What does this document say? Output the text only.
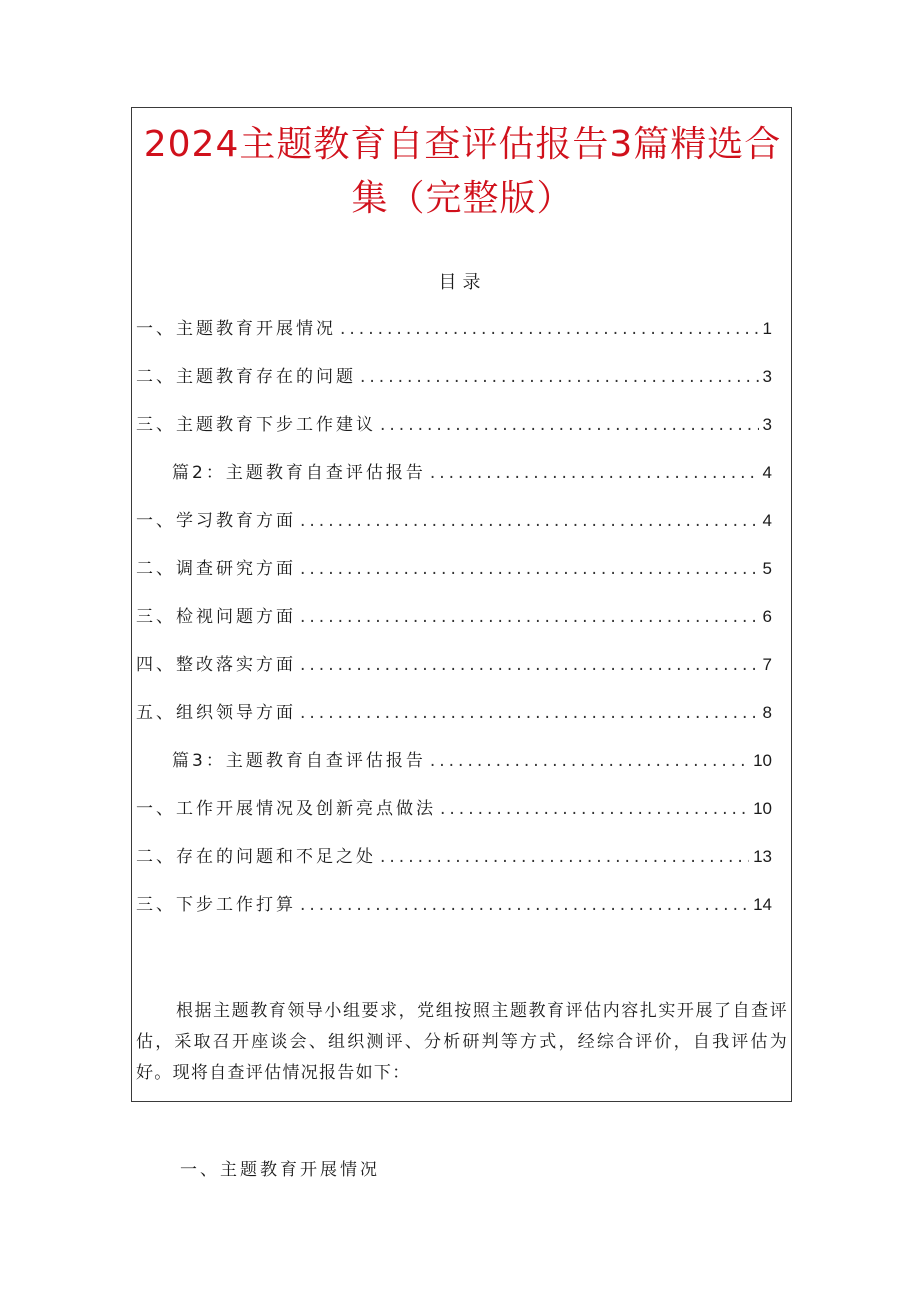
2024主题教育自查评估报告3篇精选合集（完整版）
目录
一、主题教育开展情况 .....	1
二、主题教育存在的问题 .....	3
三、主题教育下步工作建议 .....	3
篇2：主题教育自查评估报告 .....	4
一、学习教育方面 .....	4
二、调查研究方面 .....	5
三、检视问题方面 .....	6
四、整改落实方面 .....	7
五、组织领导方面 .....	8
篇3：主题教育自查评估报告 .....	10
一、工作开展情况及创新亮点做法 .....	10
二、存在的问题和不足之处 .....	13
三、下步工作打算 .....	14
根据主题教育领导小组要求，党组按照主题教育评估内容扎实开展了自查评估，采取召开座谈会、组织测评、分析研判等方式，经综合评价，自我评估为好。现将自查评估情况报告如下：
一、主题教育开展情况
